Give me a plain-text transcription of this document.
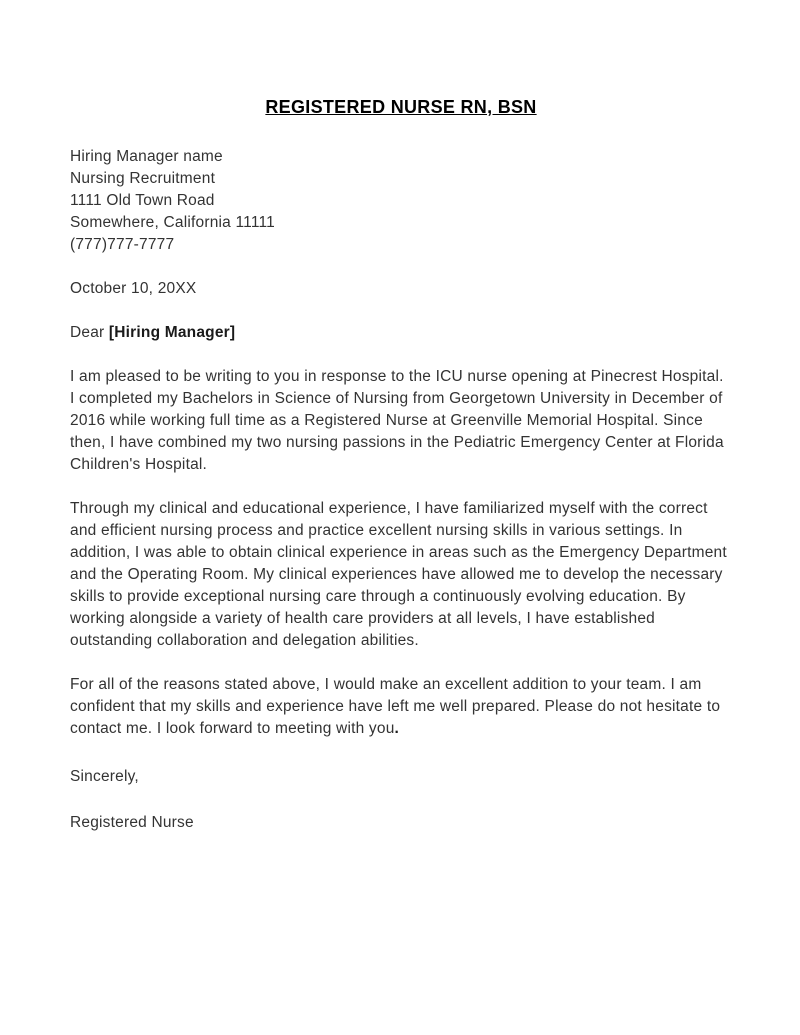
REGISTERED NURSE RN, BSN
Hiring Manager name
Nursing Recruitment
1111 Old Town Road
Somewhere, California 11111
(777)777-7777

October 10, 20XX

Dear [Hiring Manager]

I am pleased to be writing to you in response to the ICU nurse opening at Pinecrest Hospital. I completed my Bachelors in Science of Nursing from Georgetown University in December of 2016 while working full time as a Registered Nurse at Greenville Memorial Hospital. Since then, I have combined my two nursing passions in the Pediatric Emergency Center at Florida Children's Hospital.

Through my clinical and educational experience, I have familiarized myself with the correct and efficient nursing process and practice excellent nursing skills in various settings. In addition, I was able to obtain clinical experience in areas such as the Emergency Department and the Operating Room. My clinical experiences have allowed me to develop the necessary skills to provide exceptional nursing care through a continuously evolving education. By working alongside a variety of health care providers at all levels, I have established outstanding collaboration and delegation abilities.

For all of the reasons stated above, I would make an excellent addition to your team. I am confident that my skills and experience have left me well prepared. Please do not hesitate to contact me. I look forward to meeting with you.

Sincerely,

Registered Nurse
